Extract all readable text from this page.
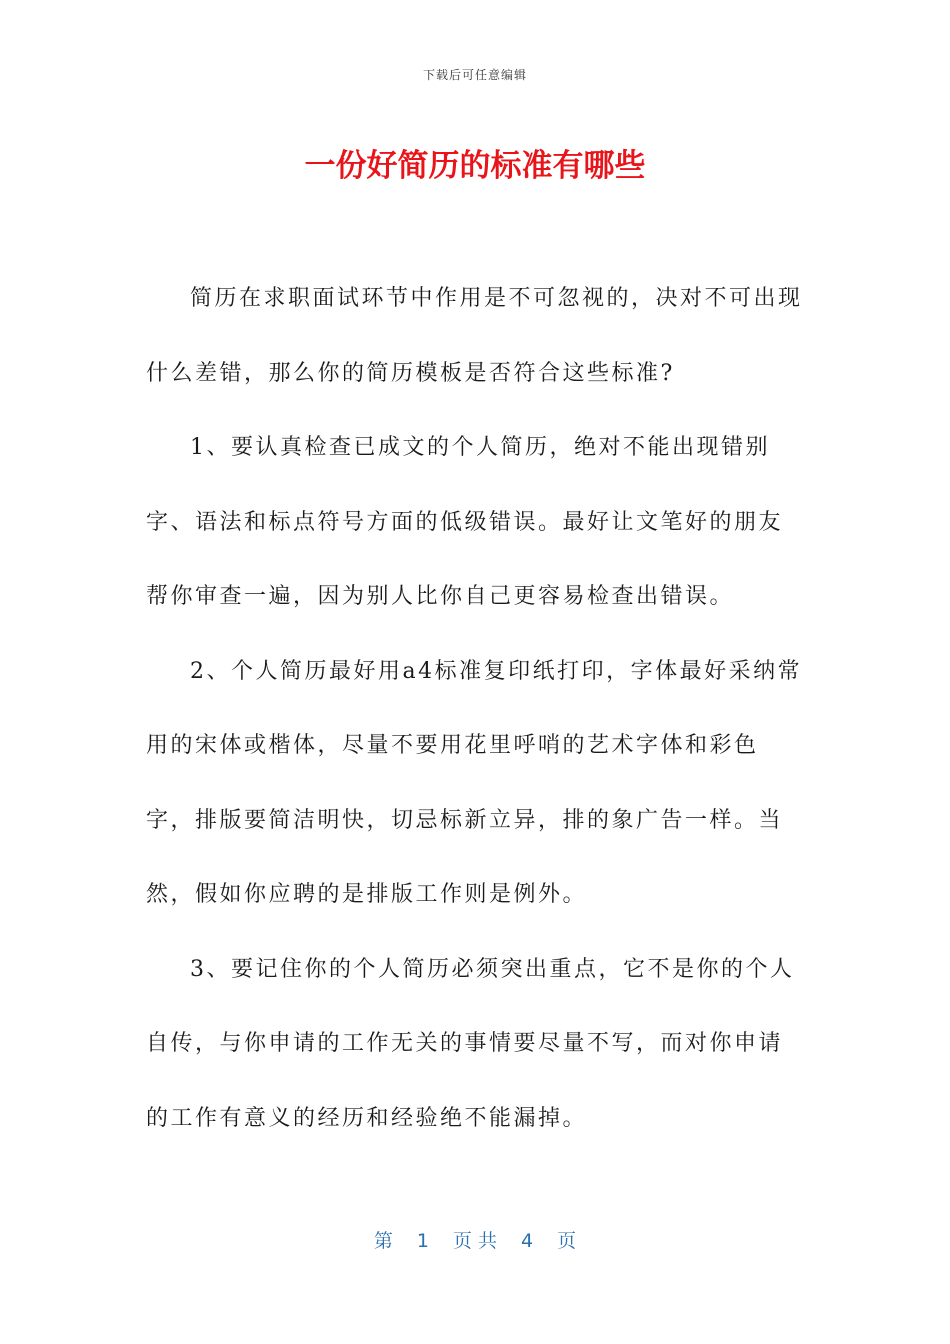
下载后可任意编辑
一份好简历的标准有哪些

简历在求职面试环节中作用是不可忽视的，决对不可出现什么差错，那么你的简历模板是否符合这些标准?

1、要认真检查已成文的个人简历，绝对不能出现错别字、语法和标点符号方面的低级错误。最好让文笔好的朋友帮你审查一遍，因为别人比你自己更容易检查出错误。

2、个人简历最好用a4标准复印纸打印，字体最好采纳常用的宋体或楷体，尽量不要用花里呼哨的艺术字体和彩色字，排版要简洁明快，切忌标新立异，排的象广告一样。当然，假如你应聘的是排版工作则是例外。

3、要记住你的个人简历必须突出重点，它不是你的个人自传，与你申请的工作无关的事情要尽量不写，而对你申请的工作有意义的经历和经验绝不能漏掉。

第 1 页 共 4 页
